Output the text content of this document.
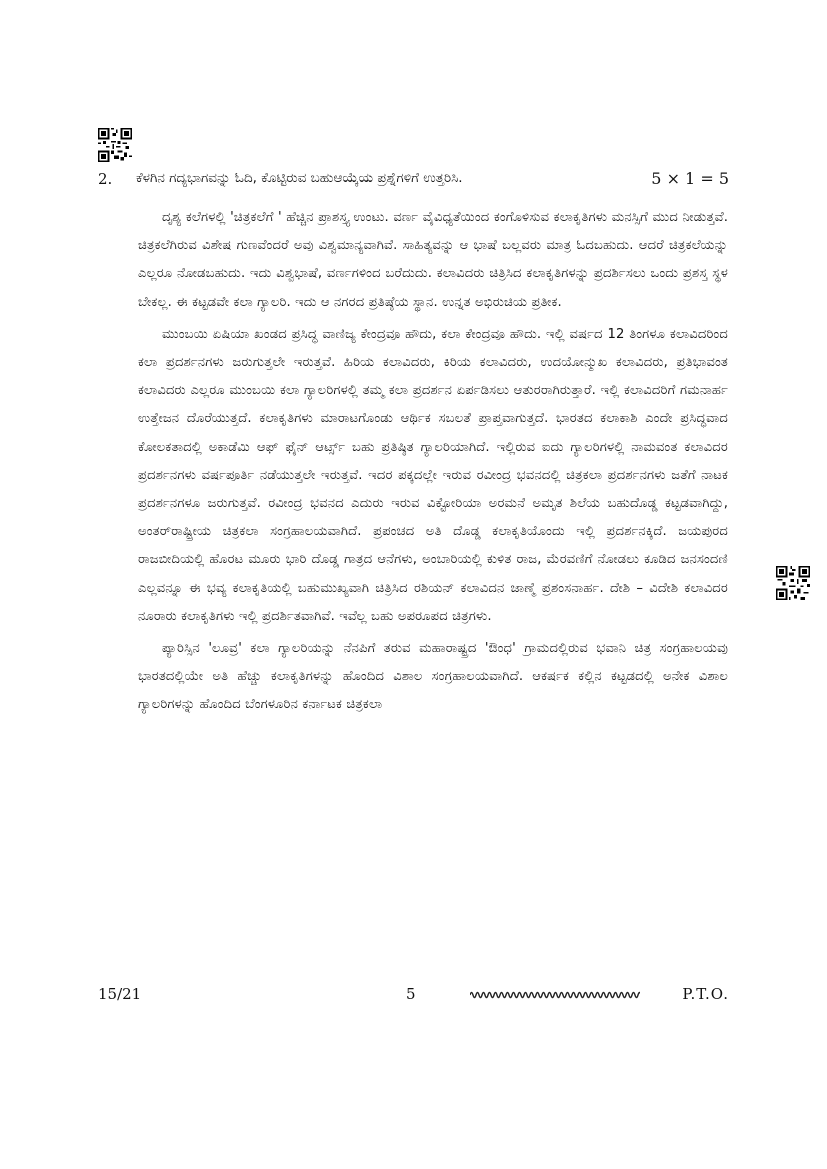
2. ಕೆಳಗಿನ ಗದ್ಯಭಾಗವನ್ನು ಓದಿ, ಕೊಟ್ಟಿರುವ ಬಹುಆಯ್ಕೆಯ ಪ್ರಶ್ನೆಗಳಿಗೆ ಉತ್ತರಿಸಿ.	5 × 1 = 5

ದೃಶ್ಯ ಕಲೆಗಳಲ್ಲಿ 'ಚಿತ್ರಕಲೆಗೆ ' ಹೆಚ್ಚಿನ ಪ್ರಾಶಸ್ತ್ಯ ಉಂಟು. ವರ್ಣ ವೈವಿಧ್ಯತೆಯಿಂದ ಕಂಗೊಳಿಸುವ ಕಲಾಕೃತಿಗಳು ಮನಸ್ಸಿಗೆ ಮುದ ನೀಡುತ್ತವೆ. ಚಿತ್ರಕಲೆಗಿರುವ ವಿಶೇಷ ಗುಣವೆಂದರೆ ಅವು ವಿಶ್ವಮಾನ್ಯವಾಗಿವೆ. ಸಾಹಿತ್ಯವನ್ನು ಆ ಭಾಷೆ ಬಲ್ಲವರು ಮಾತ್ರ ಓದಬಹುದು. ಆದರೆ ಚಿತ್ರಕಲೆಯನ್ನು ಎಲ್ಲರೂ ನೋಡಬಹುದು. ಇದು ವಿಶ್ವಭಾಷೆ, ವರ್ಣಗಳಿಂದ ಬರೆದುದು. ಕಲಾವಿದರು ಚಿತ್ರಿಸಿದ ಕಲಾಕೃತಿಗಳನ್ನು ಪ್ರದರ್ಶಿಸಲು ಒಂದು ಪ್ರಶಸ್ತ ಸ್ಥಳ ಬೇಕಲ್ಲ. ಈ ಕಟ್ಟಡವೇ ಕಲಾ ಗ್ಯಾಲರಿ. ಇದು ಆ ನಗರದ ಪ್ರತಿಷ್ಠೆಯ ಸ್ಥಾನ. ಉನ್ನತ ಅಭಿರುಚಿಯ ಪ್ರತೀಕ.

ಮುಂಬಯಿ ಏಷಿಯಾ ಖಂಡದ ಪ್ರಸಿದ್ಧ ವಾಣಿಜ್ಯ ಕೇಂದ್ರವೂ ಹೌದು, ಕಲಾ ಕೇಂದ್ರವೂ ಹೌದು. ಇಲ್ಲಿ ವರ್ಷದ 12 ತಿಂಗಳೂ ಕಲಾವಿದರಿಂದ ಕಲಾ ಪ್ರದರ್ಶನಗಳು ಜರುಗುತ್ತಲೇ ಇರುತ್ತವೆ. ಹಿರಿಯ ಕಲಾವಿದರು, ಕಿರಿಯ ಕಲಾವಿದರು, ಉದಯೋನ್ಮುಖ ಕಲಾವಿದರು, ಪ್ರತಿಭಾವಂತ ಕಲಾವಿದರು ಎಲ್ಲರೂ ಮುಂಬಯಿ ಕಲಾ ಗ್ಯಾಲರಿಗಳಲ್ಲಿ ತಮ್ಮ ಕಲಾ ಪ್ರದರ್ಶನ ಏರ್ಪಡಿಸಲು ಆತುರರಾಗಿರುತ್ತಾರೆ. ಇಲ್ಲಿ ಕಲಾವಿದರಿಗೆ ಗಮನಾರ್ಹ ಉತ್ತೇಜನ ದೊರೆಯುತ್ತದೆ. ಕಲಾಕೃತಿಗಳು ಮಾರಾಟಗೊಂಡು ಆರ್ಥಿಕ ಸಬಲತೆ ಪ್ರಾಪ್ತವಾಗುತ್ತದೆ. ಭಾರತದ ಕಲಾಕಾಶಿ ಎಂದೇ ಪ್ರಸಿದ್ಧವಾದ ಕೋಲಕತಾದಲ್ಲಿ ಅಕಾಡೆಮಿ ಆಫ್ ಫೈನ್ ಆರ್ಟ್ಸ್ ಬಹು ಪ್ರತಿಷ್ಠಿತ ಗ್ಯಾಲರಿಯಾಗಿದೆ. ಇಲ್ಲಿರುವ ಐದು ಗ್ಯಾಲರಿಗಳಲ್ಲಿ ನಾಮವಂತ ಕಲಾವಿದರ ಪ್ರದರ್ಶನಗಳು ವರ್ಷಪೂರ್ತಿ ನಡೆಯುತ್ತಲೇ ಇರುತ್ತವೆ. ಇದರ ಪಕ್ಕದಲ್ಲೇ ಇರುವ ರವೀಂದ್ರ ಭವನದಲ್ಲಿ ಚಿತ್ರಕಲಾ ಪ್ರದರ್ಶನಗಳು ಜತೆಗೆ ನಾಟಕ ಪ್ರದರ್ಶನಗಳೂ ಜರುಗುತ್ತವೆ. ರವೀಂದ್ರ ಭವನದ ಎದುರು ಇರುವ ವಿಕ್ಟೋರಿಯಾ ಅರಮನೆ ಅಮೃತ ಶಿಲೆಯ ಬಹುದೊಡ್ಡ ಕಟ್ಟಡವಾಗಿದ್ದು, ಅಂತರ್‌ರಾಷ್ಟ್ರೀಯ ಚಿತ್ರಕಲಾ ಸಂಗ್ರಹಾಲಯವಾಗಿದೆ. ಪ್ರಪಂಚದ ಅತಿ ದೊಡ್ಡ ಕಲಾಕೃತಿಯೊಂದು ಇಲ್ಲಿ ಪ್ರದರ್ಶನಕ್ಕಿದೆ. ಜಯಪುರದ ರಾಜಬೀದಿಯಲ್ಲಿ ಹೊರಟ ಮೂರು ಭಾರಿ ದೊಡ್ಡ ಗಾತ್ರದ ಆನೆಗಳು, ಅಂಬಾರಿಯಲ್ಲಿ ಕುಳಿತ ರಾಜ, ಮೆರವಣಿಗೆ ನೋಡಲು ಕೂಡಿದ ಜನಸಂದಣಿ ಎಲ್ಲವನ್ನೂ ಈ ಭವ್ಯ ಕಲಾಕೃತಿಯಲ್ಲಿ ಬಹುಮುಖ್ಯವಾಗಿ ಚಿತ್ರಿಸಿದ ರಶಿಯನ್ ಕಲಾವಿದನ ಜಾಣ್ಮೆ ಪ್ರಶಂಸನಾರ್ಹ. ದೇಶಿ – ವಿದೇಶಿ ಕಲಾವಿದರ ನೂರಾರು ಕಲಾಕೃತಿಗಳು ಇಲ್ಲಿ ಪ್ರದರ್ಶಿತವಾಗಿವೆ. ಇವೆಲ್ಲ ಬಹು ಅಪರೂಪದ ಚಿತ್ರಗಳು.

ಪ್ಯಾರಿಸ್ಸಿನ 'ಲೂವ್ರ' ಕಲಾ ಗ್ಯಾಲರಿಯನ್ನು ನೆನಪಿಗೆ ತರುವ ಮಹಾರಾಷ್ಟ್ರದ 'ಔಂಧ' ಗ್ರಾಮದಲ್ಲಿರುವ ಭವಾನಿ ಚಿತ್ರ ಸಂಗ್ರಹಾಲಯವು ಭಾರತದಲ್ಲಿಯೇ ಅತಿ ಹೆಚ್ಚು ಕಲಾಕೃತಿಗಳನ್ನು ಹೊಂದಿದ ವಿಶಾಲ ಸಂಗ್ರಹಾಲಯವಾಗಿದೆ. ಆಕರ್ಷಕ ಕಲ್ಲಿನ ಕಟ್ಟಡದಲ್ಲಿ ಅನೇಕ ವಿಶಾಲ ಗ್ಯಾಲರಿಗಳನ್ನು ಹೊಂದಿದ ಬೆಂಗಳೂರಿನ ಕರ್ನಾಟಕ ಚಿತ್ರಕಲಾ

15/21	5	P.T.O.
